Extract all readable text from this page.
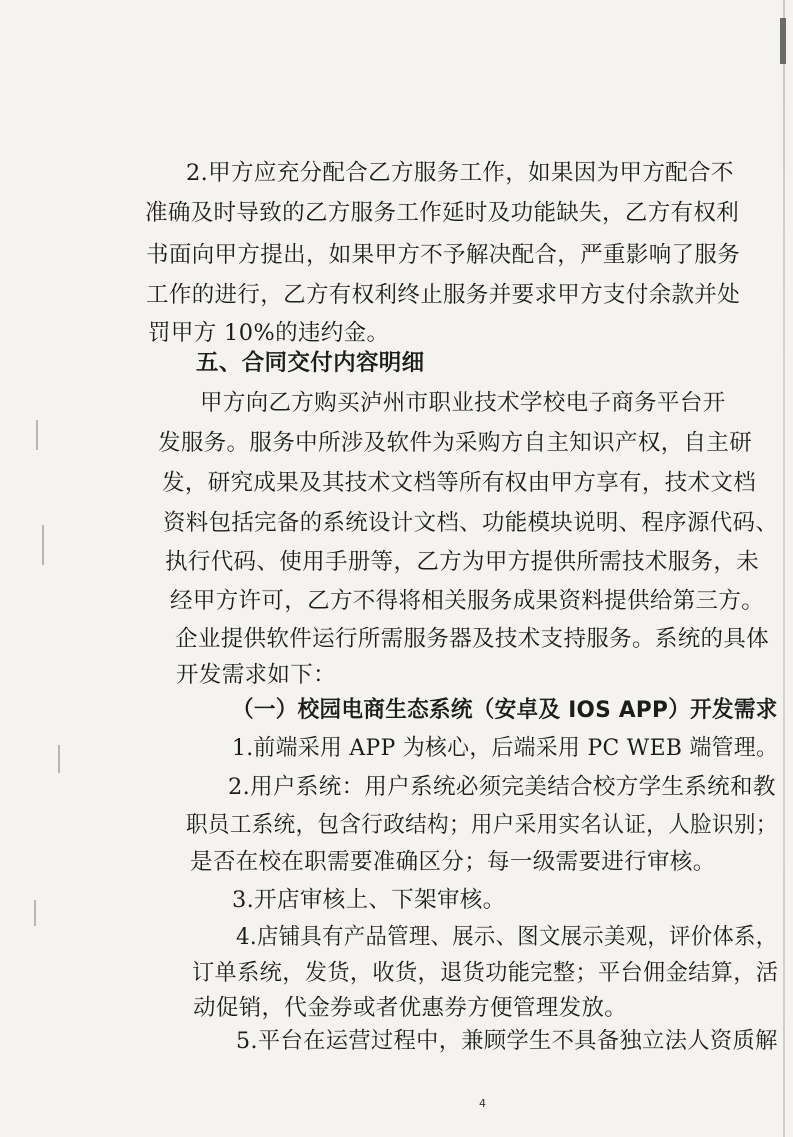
2.甲方应充分配合乙方服务工作，如果因为甲方配合不
准确及时导致的乙方服务工作延时及功能缺失，乙方有权利
书面向甲方提出，如果甲方不予解决配合，严重影响了服务
工作的进行，乙方有权利终止服务并要求甲方支付余款并处
罚甲方 10%的违约金。
五、合同交付内容明细
甲方向乙方购买泸州市职业技术学校电子商务平台开
发服务。服务中所涉及软件为采购方自主知识产权，自主研
发，研究成果及其技术文档等所有权由甲方享有，技术文档
资料包括完备的系统设计文档、功能模块说明、程序源代码、
执行代码、使用手册等，乙方为甲方提供所需技术服务，未
经甲方许可，乙方不得将相关服务成果资料提供给第三方。
企业提供软件运行所需服务器及技术支持服务。系统的具体
开发需求如下：
（一）校园电商生态系统（安卓及 IOS APP）开发需求
1.前端采用 APP 为核心，后端采用 PC WEB 端管理。
2.用户系统：用户系统必须完美结合校方学生系统和教
职员工系统，包含行政结构；用户采用实名认证，人脸识别；
是否在校在职需要准确区分；每一级需要进行审核。
3.开店审核上、下架审核。
4.店铺具有产品管理、展示、图文展示美观，评价体系，
订单系统，发货，收货，退货功能完整；平台佣金结算，活
动促销，代金券或者优惠券方便管理发放。
5.平台在运营过程中，兼顾学生不具备独立法人资质解
4
